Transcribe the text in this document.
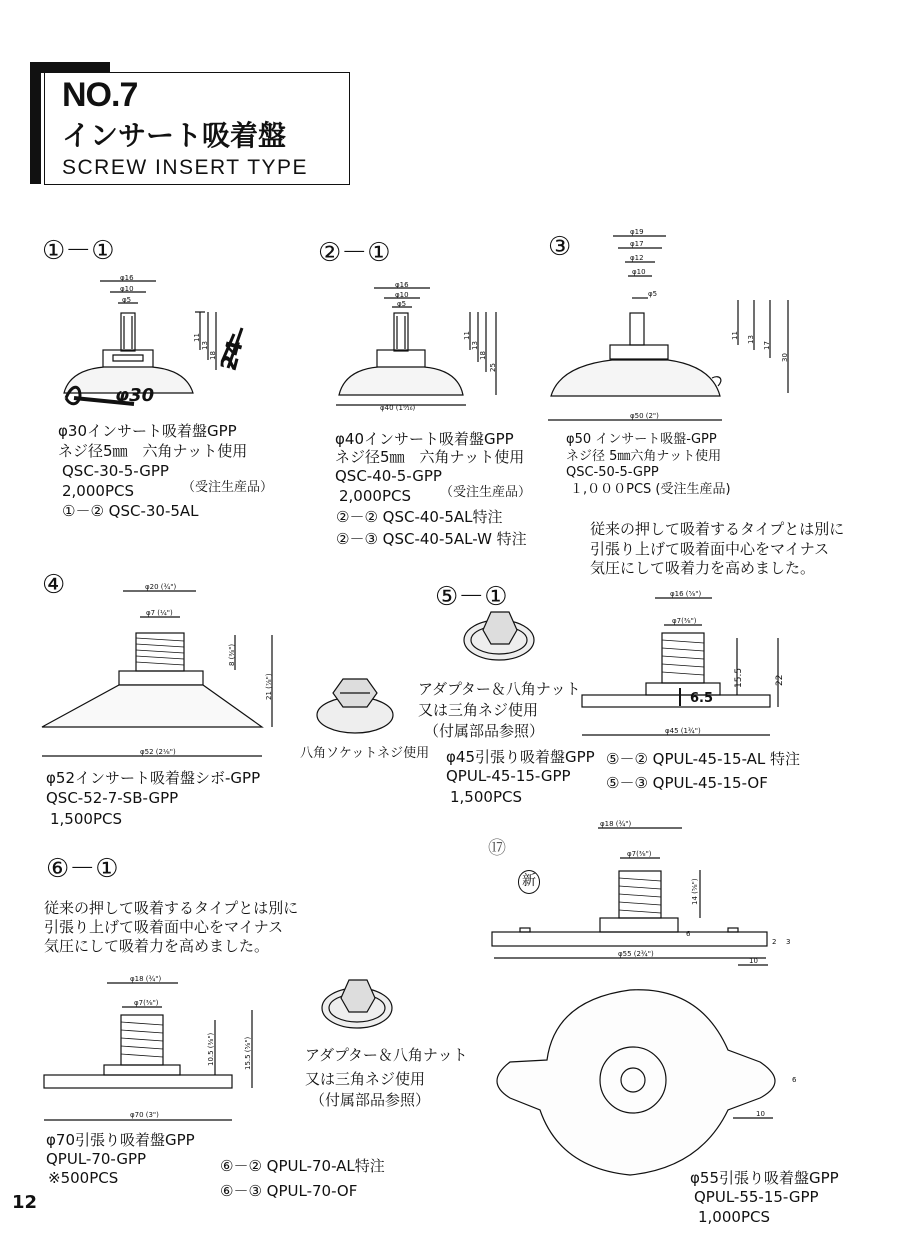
NO.7
インサート吸着盤
SCREW INSERT TYPE
φ30
φ40 (1⁹⁄₁₆)
φ16
φ10
φ5
φ16
φ10
φ5
φ19
φ17
φ12
φ10
φ5
φ50 (2")
φ20 (¾")
φ7 (¼")
φ52 (2⅛")
φ16 (⅝")
φ7(⅜")
φ45 (1¾")
φ18 (¾")
φ7(⅜")
φ55 (2¾")
10
10
φ18 (¾")
φ7(⅜")
φ70 (3")
2 3
6
6
6.5
11
13
18
11
13
18
25
11 13
17
30
8 (⅜")
21 (⅞")	15.5	22
10.5 (⅜")	15.5 (⅝")
14 (⅝")
24
①－①	②－①	③
④	⑤－①
⑥－①
⑰
新
φ30インサート吸着盤GPP
ネジ径5㎜　六角ナット使用
QSC-30-5-GPP
2,000PCS	（受注生産品）
①－② QSC-30-5AL
φ40インサート吸着盤GPP
ネジ径5㎜　六角ナット使用
QSC-40-5-GPP
2,000PCS （受注生産品）
②－② QSC-40-5AL特注
②－③ QSC-40-5AL-W 特注
φ50 インサート吸盤-GPP
ネジ径 5㎜六角ナット使用
QSC-50-5-GPP
１,０００PCS (受注生産品)
従来の押して吸着するタイプとは別に
引張り上げて吸着面中心をマイナス
気圧にして吸着力を高めました。
八角ソケットネジ使用
φ52インサート吸着盤シボ-GPP
QSC-52-7-SB-GPP
1,500PCS
アダプター＆八角ナット
又は三角ネジ使用
（付属部品参照）
φ45引張り吸着盤GPP
QPUL-45-15-GPP
1,500PCS
⑤－② QPUL-45-15-AL 特注
⑤－③ QPUL-45-15-OF
従来の押して吸着するタイプとは別に
引張り上げて吸着面中心をマイナス
気圧にして吸着力を高めました。
アダプター＆八角ナット
又は三角ネジ使用
（付属部品参照）
φ70引張り吸着盤GPP
QPUL-70-GPP
※500PCS
⑥－② QPUL-70-AL特注
⑥－③ QPUL-70-OF
φ55引張り吸着盤GPP
QPUL-55-15-GPP
1,000PCS
12
